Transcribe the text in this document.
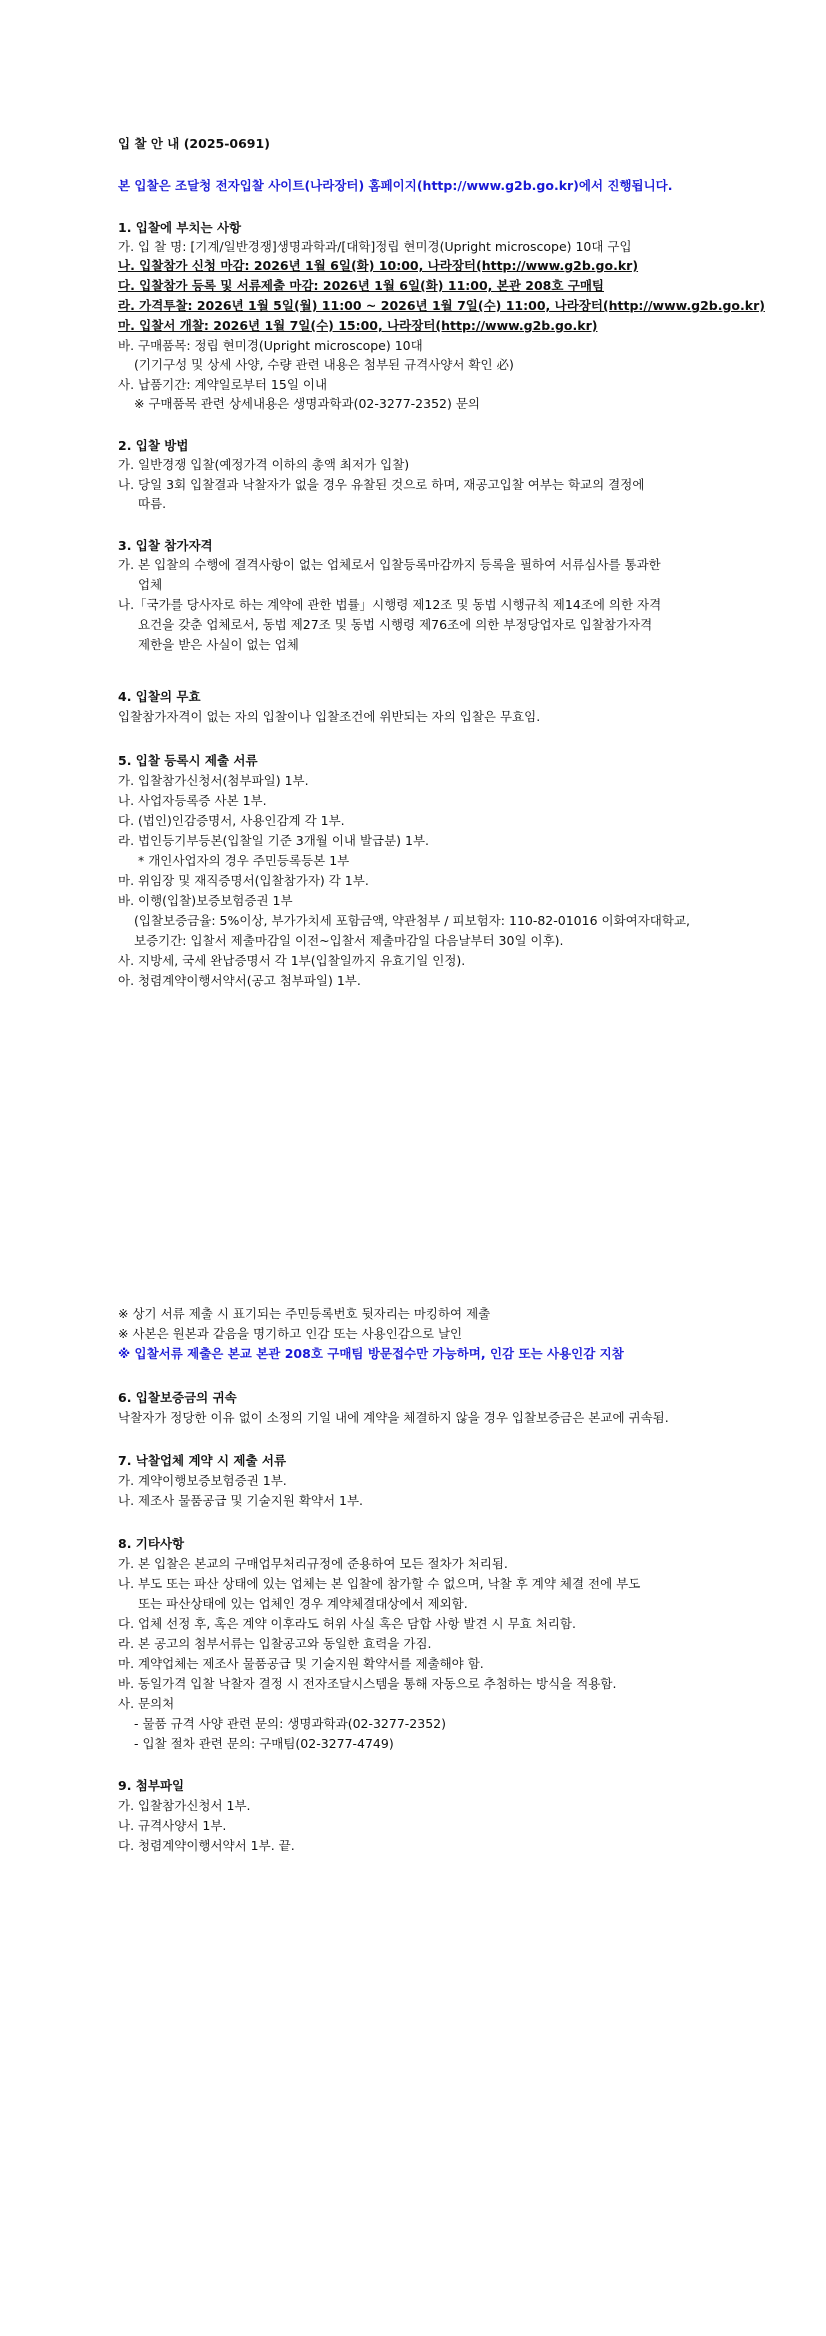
입 찰 안 내 (2025-0691)
본 입찰은 조달청 전자입찰 사이트(나라장터) 홈페이지(http://www.g2b.go.kr)에서 진행됩니다.
1. 입찰에 부치는 사항
가. 입 찰 명: [기계/일반경쟁]생명과학과/[대학]정립 현미경(Upright microscope) 10대 구입
나. 입찰참가 신청 마감: 2026년 1월 6일(화) 10:00, 나라장터(http://www.g2b.go.kr)
다. 입찰참가 등록 및 서류제출 마감: 2026년 1월 6일(화) 11:00, 본관 208호 구매팀
라. 가격투찰: 2026년 1월 5일(월) 11:00 ~ 2026년 1월 7일(수) 11:00, 나라장터(http://www.g2b.go.kr)
마. 입찰서 개찰: 2026년 1월 7일(수) 15:00, 나라장터(http://www.g2b.go.kr)
바. 구매품목: 정립 현미경(Upright microscope) 10대
(기기구성 및 상세 사양, 수량 관련 내용은 첨부된 규격사양서 확인 必)
사. 납품기간: 계약일로부터 15일 이내
※ 구매품목 관련 상세내용은 생명과학과(02-3277-2352) 문의
2. 입찰 방법
가. 일반경쟁 입찰(예정가격 이하의 총액 최저가 입찰)
나. 당일 3회 입찰결과 낙찰자가 없을 경우 유찰된 것으로 하며, 재공고입찰 여부는 학교의 결정에
따름.
3. 입찰 참가자격
가. 본 입찰의 수행에 결격사항이 없는 업체로서 입찰등록마감까지 등록을 필하여 서류심사를 통과한
업체
나.「국가를 당사자로 하는 계약에 관한 법률」시행령 제12조 및 동법 시행규칙 제14조에 의한 자격
요건을 갖춘 업체로서, 동법 제27조 및 동법 시행령 제76조에 의한 부정당업자로 입찰참가자격
제한을 받은 사실이 없는 업체
4. 입찰의 무효
입찰참가자격이 없는 자의 입찰이나 입찰조건에 위반되는 자의 입찰은 무효임.
5. 입찰 등록시 제출 서류
가. 입찰참가신청서(첨부파일) 1부.
나. 사업자등록증 사본 1부.
다. (법인)인감증명서, 사용인감계 각 1부.
라. 법인등기부등본(입찰일 기준 3개월 이내 발급분) 1부.
* 개인사업자의 경우 주민등록등본 1부
마. 위임장 및 재직증명서(입찰참가자) 각 1부.
바. 이행(입찰)보증보험증권 1부
(입찰보증금율: 5%이상, 부가가치세 포함금액, 약관첨부 / 피보험자: 110-82-01016 이화여자대학교,
보증기간: 입찰서 제출마감일 이전~입찰서 제출마감일 다음날부터 30일 이후).
사. 지방세, 국세 완납증명서 각 1부(입찰일까지 유효기일 인정).
아. 청렴계약이행서약서(공고 첨부파일) 1부.
※ 상기 서류 제출 시 표기되는 주민등록번호 뒷자리는 마킹하여 제출
※ 사본은 원본과 같음을 명기하고 인감 또는 사용인감으로 날인
※ 입찰서류 제출은 본교 본관 208호 구매팀 방문접수만 가능하며, 인감 또는 사용인감 지참
6. 입찰보증금의 귀속
낙찰자가 정당한 이유 없이 소정의 기일 내에 계약을 체결하지 않을 경우 입찰보증금은 본교에 귀속됨.
7. 낙찰업체 계약 시 제출 서류
가. 계약이행보증보험증권 1부.
나. 제조사 물품공급 및 기술지원 확약서 1부.
8. 기타사항
가. 본 입찰은 본교의 구매업무처리규정에 준용하여 모든 절차가 처리됨.
나. 부도 또는 파산 상태에 있는 업체는 본 입찰에 참가할 수 없으며, 낙찰 후 계약 체결 전에 부도
또는 파산상태에 있는 업체인 경우 계약체결대상에서 제외함.
다. 업체 선정 후, 혹은 계약 이후라도 허위 사실 혹은 담합 사항 발견 시 무효 처리함.
라. 본 공고의 첨부서류는 입찰공고와 동일한 효력을 가짐.
마. 계약업체는 제조사 물품공급 및 기술지원 확약서를 제출해야 함.
바. 동일가격 입찰 낙찰자 결정 시 전자조달시스템을 통해 자동으로 추첨하는 방식을 적용함.
사. 문의처
- 물품 규격 사양 관련 문의: 생명과학과(02-3277-2352)
- 입찰 절차 관련 문의: 구매팀(02-3277-4749)
9. 첨부파일
가. 입찰참가신청서 1부.
나. 규격사양서 1부.
다. 청렴계약이행서약서 1부. 끝.
